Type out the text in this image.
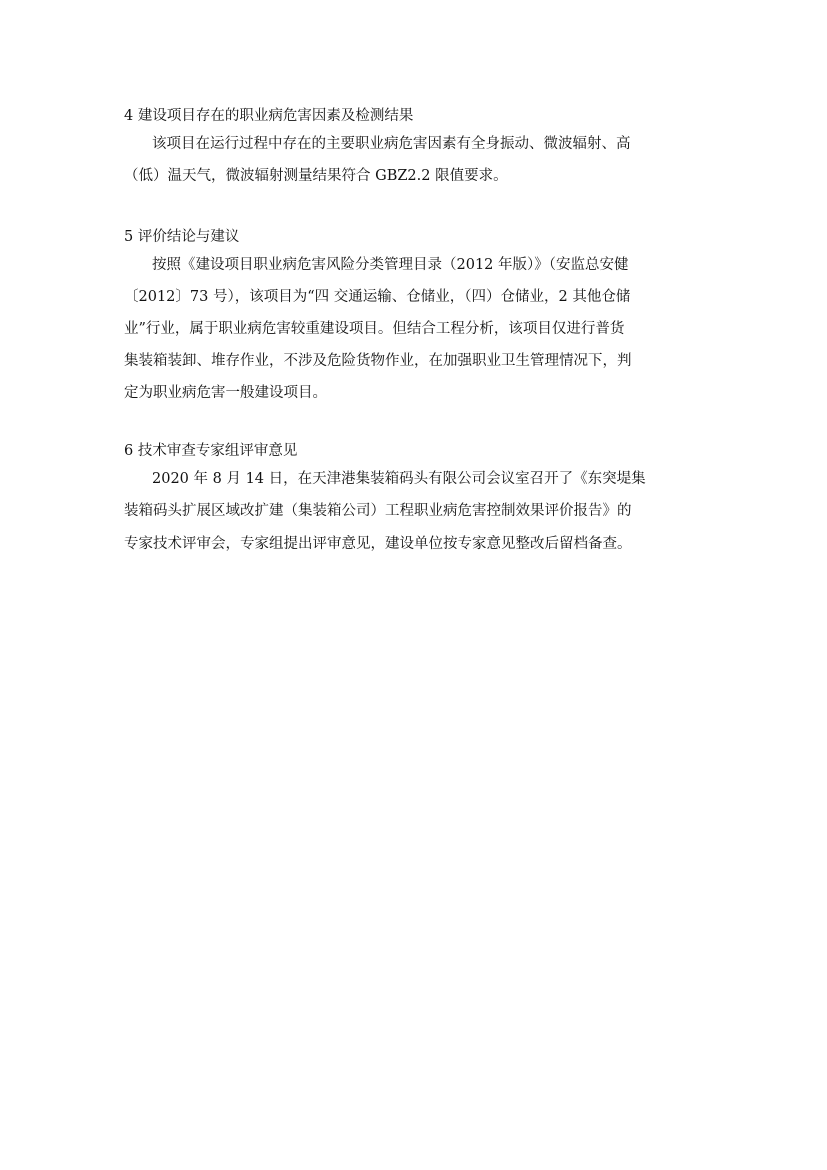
4 建设项目存在的职业病危害因素及检测结果
该项目在运行过程中存在的主要职业病危害因素有全身振动、微波辐射、高
（低）温天气，微波辐射测量结果符合 GBZ2.2 限值要求。
5 评价结论与建议
按照《建设项目职业病危害风险分类管理目录（2012 年版）》（安监总安健
〔2012〕73 号），该项目为“四 交通运输、仓储业，（四）仓储业，2 其他仓储
业”行业，属于职业病危害较重建设项目。但结合工程分析，该项目仅进行普货
集装箱装卸、堆存作业，不涉及危险货物作业，在加强职业卫生管理情况下，判
定为职业病危害一般建设项目。
6 技术审查专家组评审意见
2020 年 8 月 14 日，在天津港集装箱码头有限公司会议室召开了《东突堤集
装箱码头扩展区域改扩建（集装箱公司）工程职业病危害控制效果评价报告》的
专家技术评审会，专家组提出评审意见，建设单位按专家意见整改后留档备查。
